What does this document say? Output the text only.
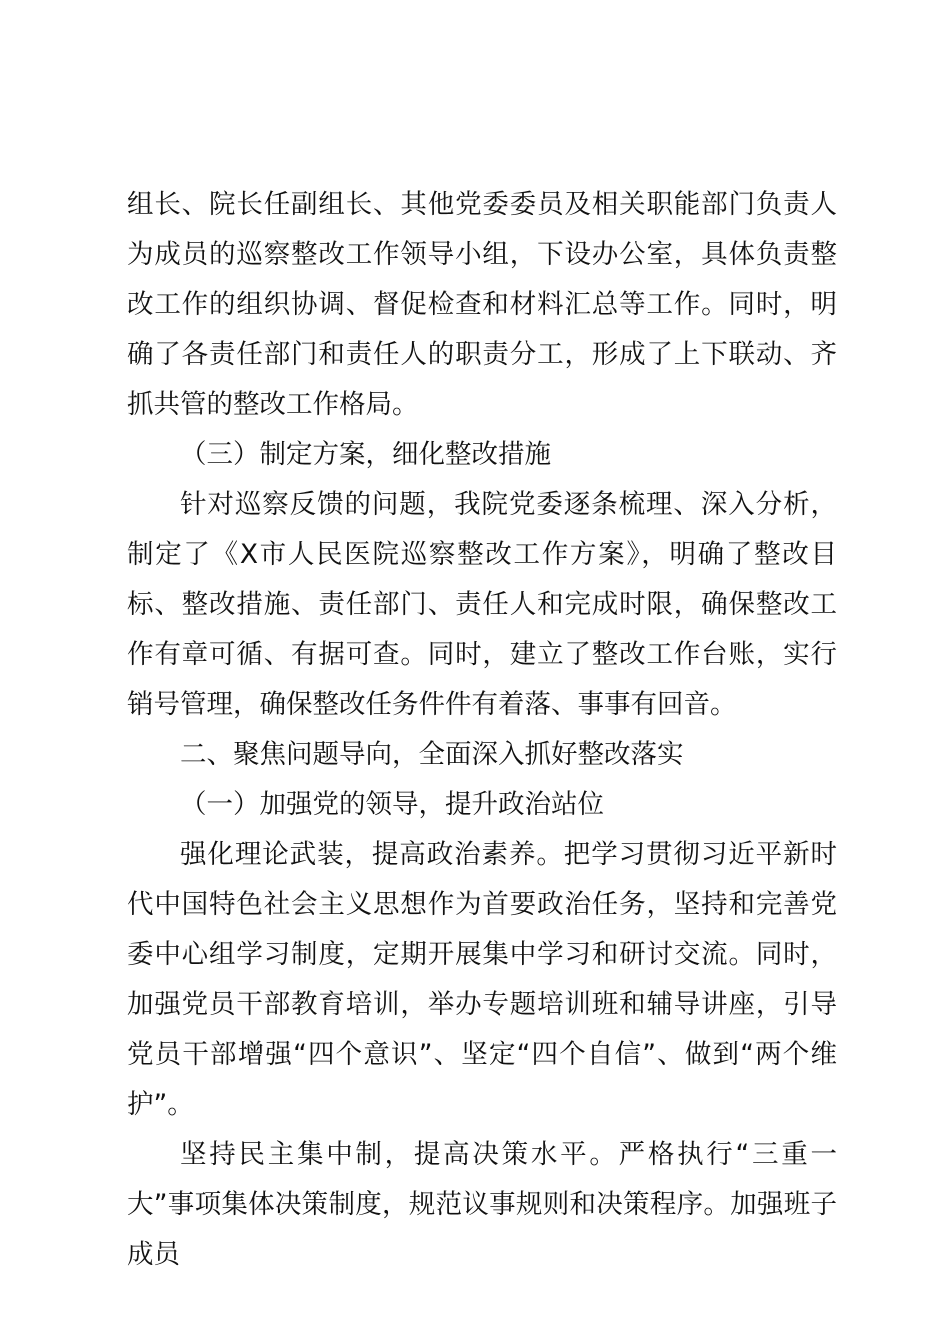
组长、院长任副组长、其他党委委员及相关职能部门负责人为成员的巡察整改工作领导小组，下设办公室，具体负责整改工作的组织协调、督促检查和材料汇总等工作。同时，明确了各责任部门和责任人的职责分工，形成了上下联动、齐抓共管的整改工作格局。

（三）制定方案，细化整改措施

针对巡察反馈的问题，我院党委逐条梳理、深入分析，制定了《X市人民医院巡察整改工作方案》，明确了整改目标、整改措施、责任部门、责任人和完成时限，确保整改工作有章可循、有据可查。同时，建立了整改工作台账，实行销号管理，确保整改任务件件有着落、事事有回音。

二、聚焦问题导向，全面深入抓好整改落实

（一）加强党的领导，提升政治站位

强化理论武装，提高政治素养。把学习贯彻习近平新时代中国特色社会主义思想作为首要政治任务，坚持和完善党委中心组学习制度，定期开展集中学习和研讨交流。同时，加强党员干部教育培训，举办专题培训班和辅导讲座，引导党员干部增强“四个意识”、坚定“四个自信”、做到“两个维护”。

坚持民主集中制，提高决策水平。严格执行“三重一大”事项集体决策制度，规范议事规则和决策程序。加强班子成员
